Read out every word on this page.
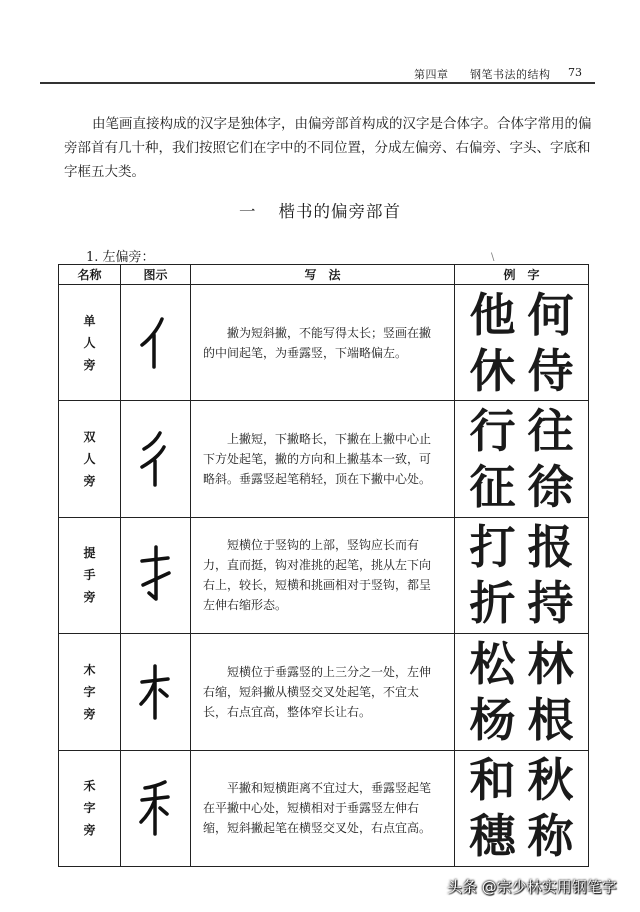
第四章 钢笔书法的结构 73

由笔画直接构成的汉字是独体字，由偏旁部首构成的汉字是合体字。合体字常用的偏旁部首有几十种，我们按照它们在字中的不同位置，分成左偏旁、右偏旁、字头、字底和字框五大类。

一 楷书的偏旁部首
1. 左偏旁：	\
名称	图示	写　法	例　字

单
人
旁		撇为短斜撇，不能写得太长；竖画在撇的中间起笔，为垂露竖，下端略偏左。	他 何
休 侍

双
人
旁		上撇短，下撇略长，下撇在上撇中心止下方处起笔，撇的方向和上撇基本一致，可略斜。垂露竖起笔稍轻，顶在下撇中心处。	行 往
征 徐

提
手
旁		短横位于竖钩的上部，竖钩应长而有力，直而挺，钩对准挑的起笔，挑从左下向右上，较长，短横和挑画相对于竖钩，都呈左伸右缩形态。	打 报
折 持

木
字
旁		短横位于垂露竖的上三分之一处，左伸右缩，短斜撇从横竖交叉处起笔，不宜太长，右点宜高，整体窄长让右。	松 林
杨 根

禾
字
旁		平撇和短横距离不宜过大，垂露竖起笔在平撇中心处，短横相对于垂露竖左伸右缩，短斜撇起笔在横竖交叉处，右点宜高。	和 秋
穗 称
头条 @宗少林实用钢笔字
